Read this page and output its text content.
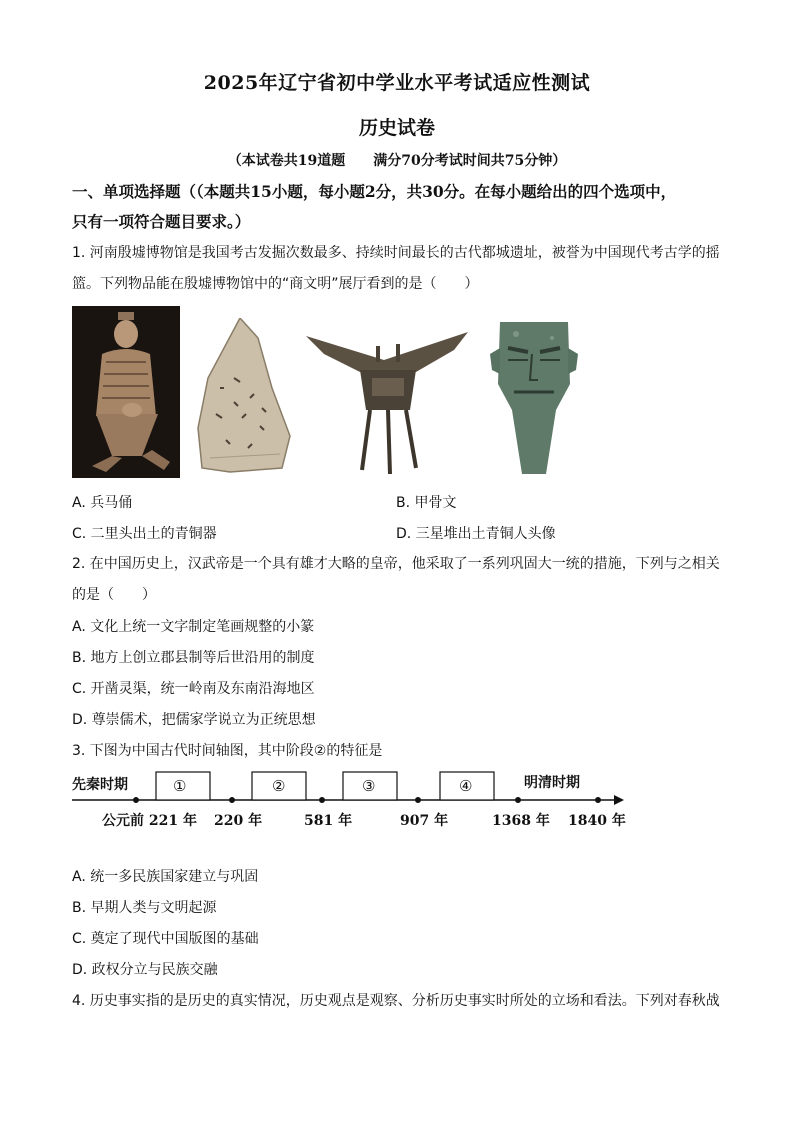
2025年辽宁省初中学业水平考试适应性测试
历史试卷
（本试卷共19道题　　满分70分考试时间共75分钟）
一、单项选择题（（本题共15小题，每小题2分，共30分。在每小题给出的四个选项中，
只有一项符合题目要求。）
1. 河南殷墟博物馆是我国考古发掘次数最多、持续时间最长的古代都城遗址，被誉为中国现代考古学的摇篮。下列物品能在殷墟博物馆中的“商文明”展厅看到的是（　　）
A. 兵马俑	B. 甲骨文
C. 二里头出土的青铜器	D. 三星堆出土青铜人头像
2. 在中国历史上，汉武帝是一个具有雄才大略的皇帝，他采取了一系列巩固大一统的措施，下列与之相关的是（　　）
A. 文化上统一文字制定笔画规整的小篆
B. 地方上创立郡县制等后世沿用的制度
C. 开凿灵渠，统一岭南及东南沿海地区
D. 尊崇儒术，把儒家学说立为正统思想
3. 下图为中国古代时间轴图，其中阶段②的特征是
先秦时期	明清时期
①	②	③	④
公元前 221 年 220 年	581 年	907 年	1368 年 1840 年
A. 统一多民族国家建立与巩固
B. 早期人类与文明起源
C. 奠定了现代中国版图的基础
D. 政权分立与民族交融
4. 历史事实指的是历史的真实情况，历史观点是观察、分析历史事实时所处的立场和看法。下列对春秋战
